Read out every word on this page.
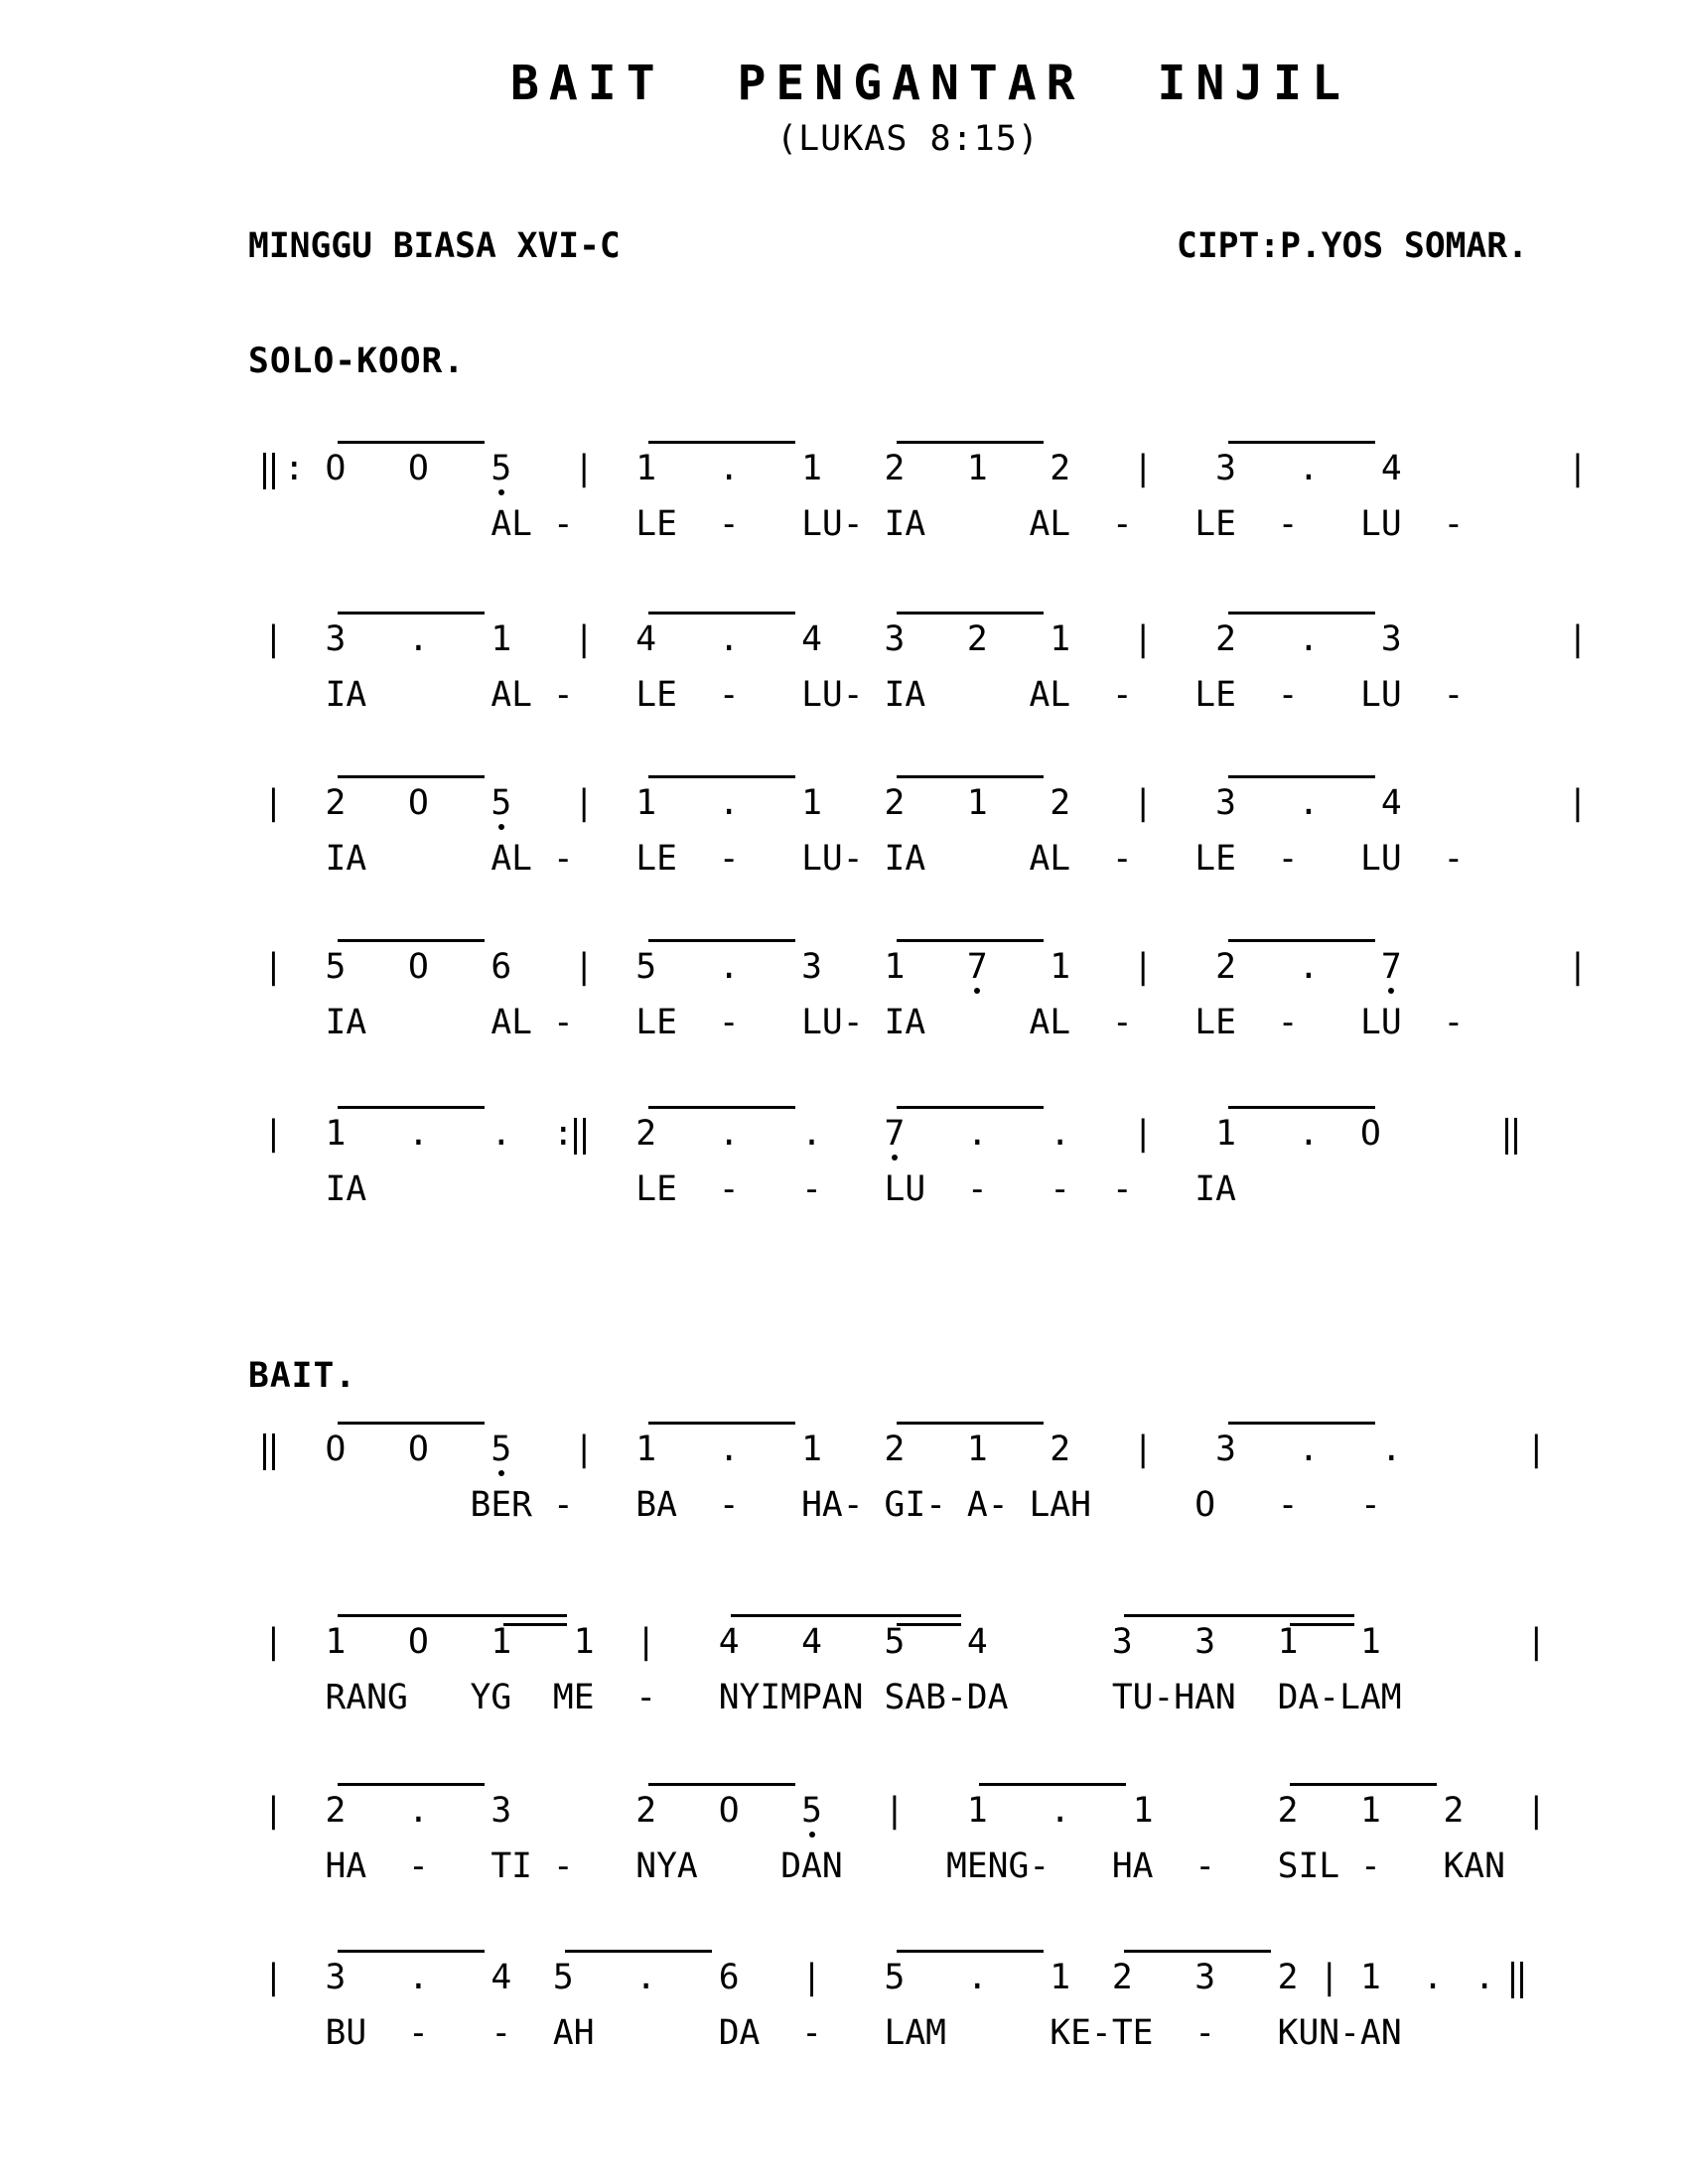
BAIT PENGANTAR INJIL
(LUKAS 8:15)
MINGGU BIASA XVI-C	CIPT:P.YOS SOMAR.
SOLO-KOOR.
BAIT.
: O O 5 | 1 . 1 2 1 2 | 3 . 4	|
AL - LE - LU- IA	AL - LE - LU -
| 3 . 1 | 4 . 4 3 2 1 | 2 . 3	|
IA	AL - LE - LU- IA	AL - LE - LU -
| 2 O 5 | 1 . 1 2 1 2 | 3 . 4	|
IA	AL - LE - LU- IA	AL - LE - LU -
| 5 O 6 | 5 . 3 1 7 1 | 2 . 7	|
IA	AL - LE - LU- IA	AL - LE - LU -
| 1 . . : 2 . . 7 . . | 1 . O
IA	LE - - LU - - - IA
O O 5 | 1 . 1 2 1 2 | 3 . .	|
BER - BA - HA- GI- A- LAH	O - -
| 1 O 1 1 | 4 4 5 4	3 3 1 1	|
RANG YG ME - NYIMPAN SAB-DA	TU-HAN DA-LAM
| 2 . 3	2 O 5 | 1 . 1	2 1 2 |
HA - TI - NYA DAN	MENG- HA - SIL - KAN
| 3 . 4 5 . 6 | 5 . 1 2 3 2 | 1 . .
BU - - AH	DA - LAM	KE- TE - KUN- AN
